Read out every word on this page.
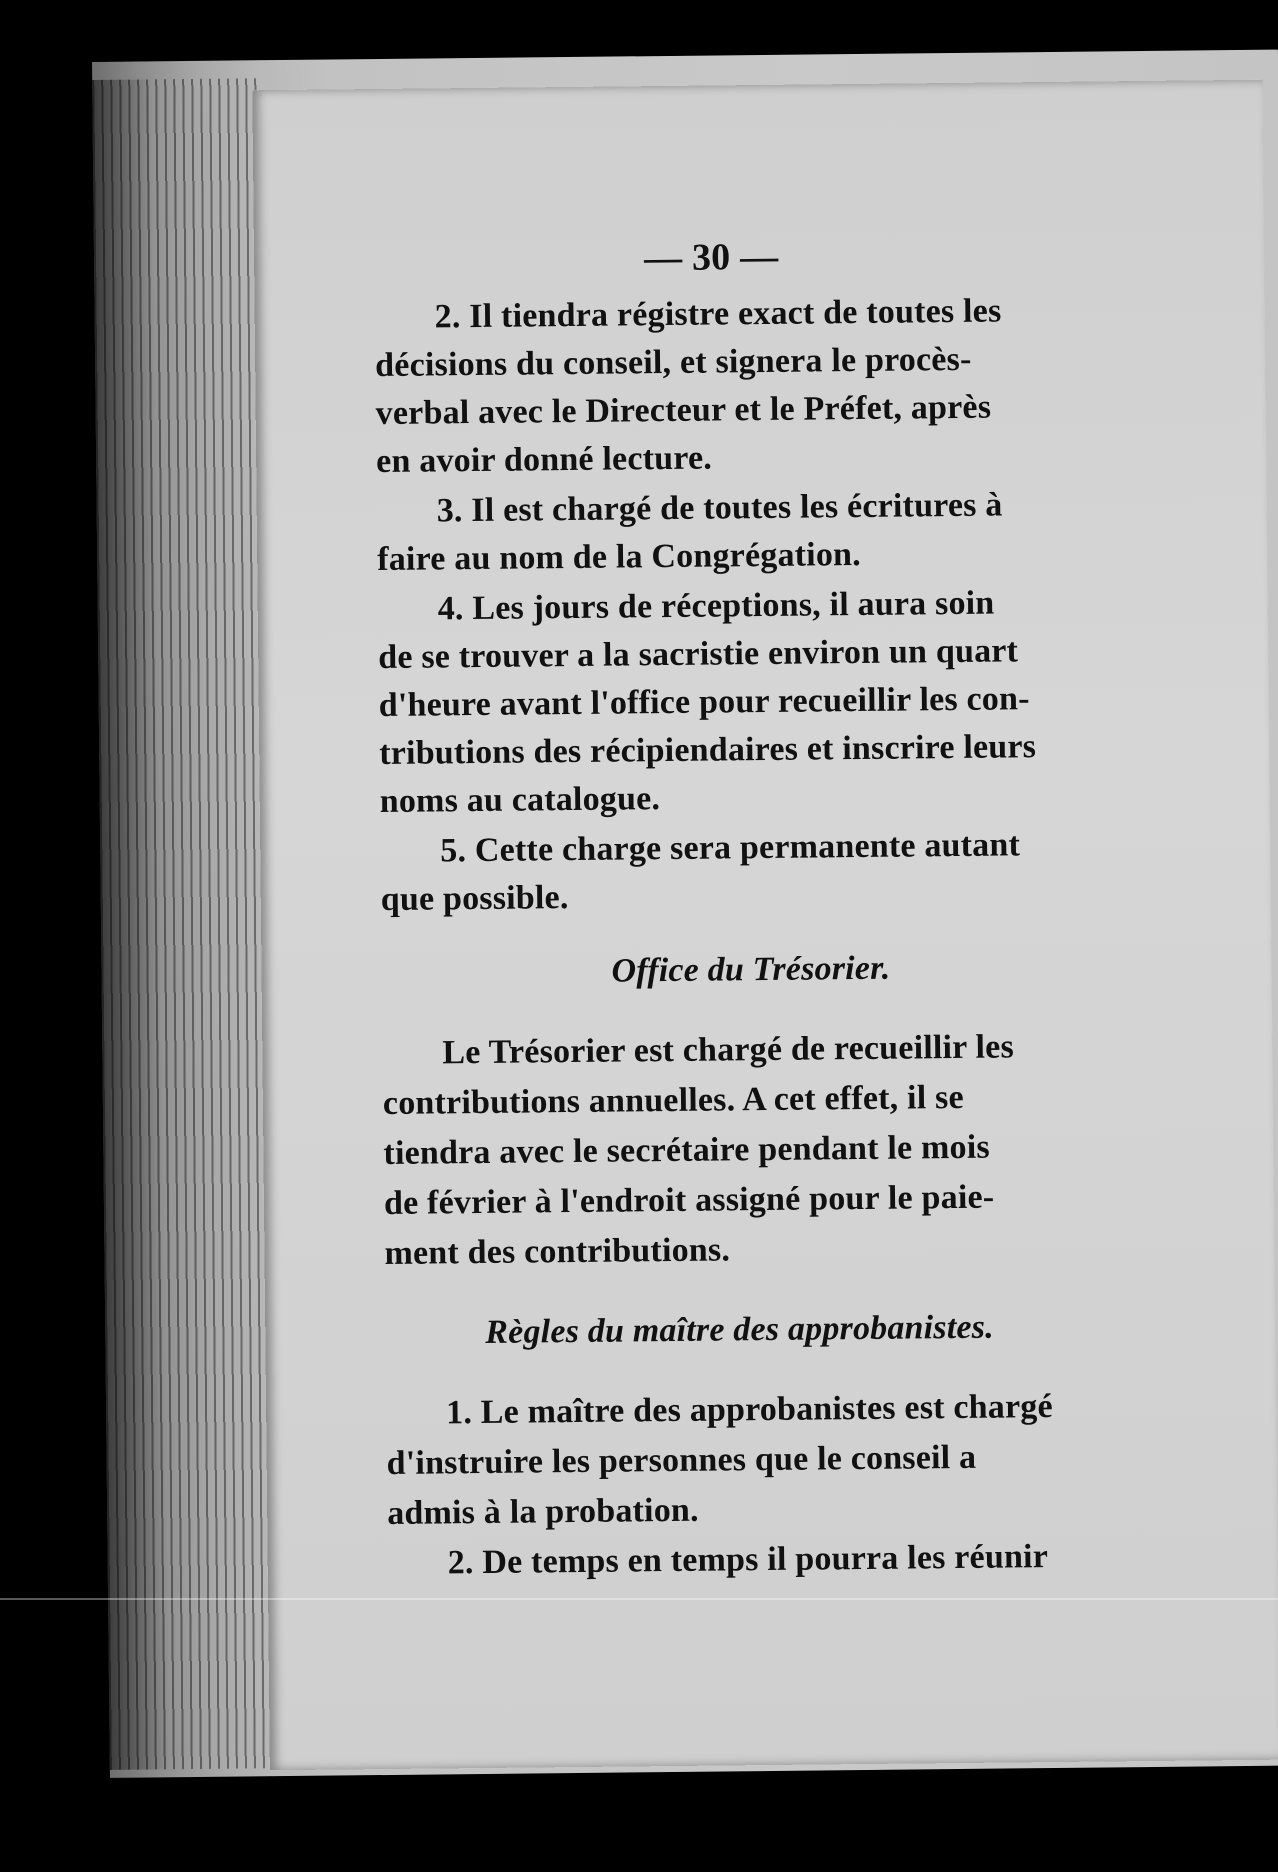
— 30 —
2. Il tiendra régistre exact de toutes les
décisions du conseil, et signera le procès-
verbal avec le Directeur et le Préfet, après
en avoir donné lecture.
3. Il est chargé de toutes les écritures à
faire au nom de la Congrégation.
4. Les jours de réceptions, il aura soin
de se trouver a la sacristie environ un quart
d'heure avant l'office pour recueillir les con-
tributions des récipiendaires et inscrire leurs
noms au catalogue.
5. Cette charge sera permanente autant
que possible.
Office du Trésorier.
Le Trésorier est chargé de recueillir les
contributions annuelles. A cet effet, il se
tiendra avec le secrétaire pendant le mois
de février à l'endroit assigné pour le paie-
ment des contributions.
Règles du maître des approbanistes.
1. Le maître des approbanistes est chargé
d'instruire les personnes que le conseil a
admis à la probation.
2. De temps en temps il pourra les réunir
